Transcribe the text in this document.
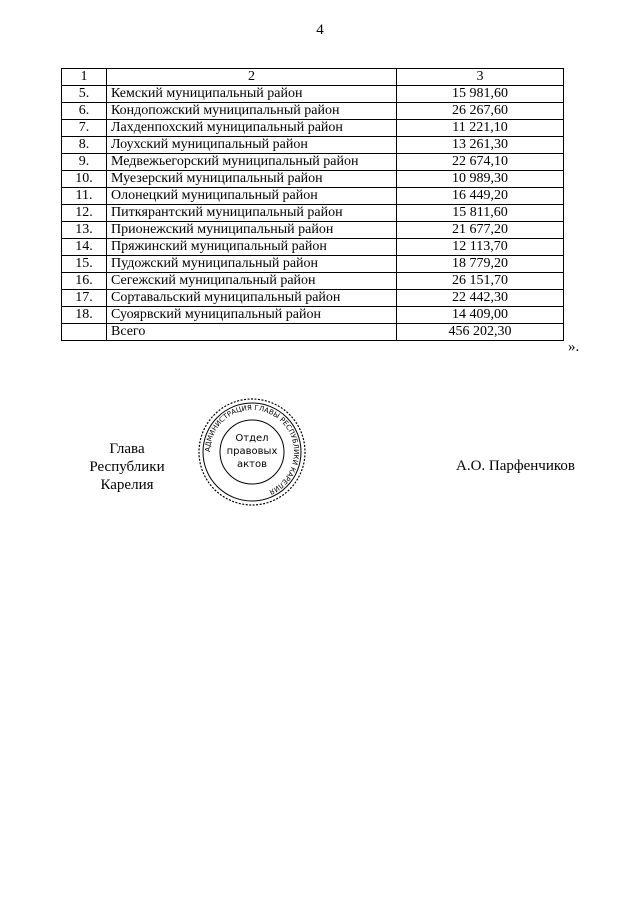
4
1	2	3
5.	Кемский муниципальный район	15 981,60
6.	Кондопожский муниципальный район	26 267,60
7.	Лахденпохский муниципальный район	11 221,10
8.	Лоухский муниципальный район	13 261,30
9.	Медвежьегорский муниципальный район	22 674,10
10.	Муезерский муниципальный район	10 989,30
11.	Олонецкий муниципальный район	16 449,20
12.	Питкярантский муниципальный район	15 811,60
13.	Прионежский муниципальный район	21 677,20
14.	Пряжинский муниципальный район	12 113,70
15.	Пудожский муниципальный район	18 779,20
16.	Сегежский муниципальный район	26 151,70
17.	Сортавальский муниципальный район	22 442,30
18.	Суоярвский муниципальный район	14 409,00
	Всего	456 202,30
».
Глава
Республики Карелия
АДМИНИСТРАЦИЯ ГЛАВЫ РЕСПУБЛИКИ КАРЕЛИЯ
Отдел
правовых
актов	А.О. Парфенчиков
